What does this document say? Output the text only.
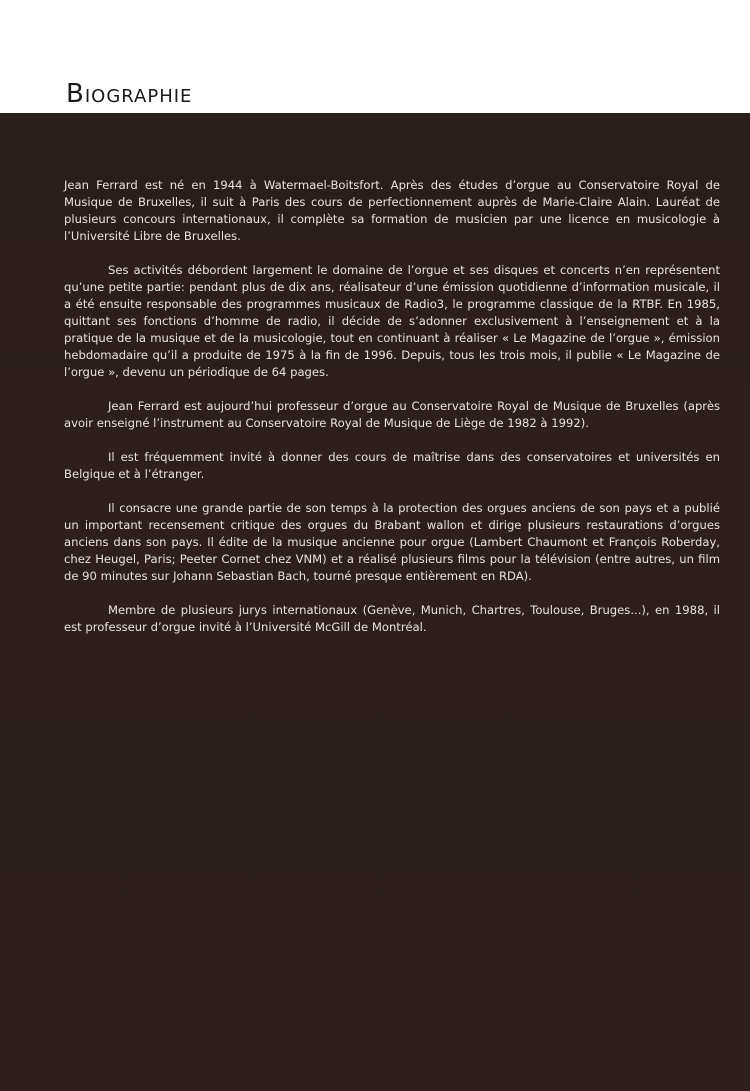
Biographie

Jean Ferrard est né en 1944 à Watermael-Boitsfort. Après des études d’orgue au Conservatoire Royal de Musique de Bruxelles, il suit à Paris des cours de perfectionnement auprès de Marie-Claire Alain. Lauréat de plusieurs concours internationaux, il complète sa formation de musicien par une licence en musicologie à l’Université Libre de Bruxelles.

Ses activités débordent largement le domaine de l’orgue et ses disques et concerts n’en représentent qu’une petite partie: pendant plus de dix ans, réalisateur d’une émission quotidienne d’information musicale, il a été ensuite responsable des programmes musicaux de Radio3, le programme classique de la RTBF. En 1985, quittant ses fonctions d’homme de radio, il décide de s’adonner exclusivement à l’enseignement et à la pratique de la musique et de la musicologie, tout en continuant à réaliser « Le Magazine de l’orgue », émission hebdomadaire qu’il a produite de 1975 à la fin de 1996. Depuis, tous les trois mois, il publie « Le Magazine de l’orgue », devenu un périodique de 64 pages.

Jean Ferrard est aujourd’hui professeur d’orgue au Conservatoire Royal de Musique de Bruxelles (après avoir enseigné l’instrument au Conservatoire Royal de Musique de Liège de 1982 à 1992).

Il est fréquemment invité à donner des cours de maîtrise dans des conservatoires et universités en Belgique et à l’étranger.

Il consacre une grande partie de son temps à la protection des orgues anciens de son pays et a publié un important recensement critique des orgues du Brabant wallon et dirige plusieurs restaurations d’orgues anciens dans son pays. Il édite de la musique ancienne pour orgue (Lambert Chaumont et François Roberday, chez Heugel, Paris; Peeter Cornet chez VNM) et a réalisé plusieurs films pour la télévision (entre autres, un film de 90 minutes sur Johann Sebastian Bach, tourné presque entièrement en RDA).

Membre de plusieurs jurys internationaux (Genève, Munich, Chartres, Toulouse, Bruges...), en 1988, il est professeur d’orgue invité à l’Université McGill de Montréal.
